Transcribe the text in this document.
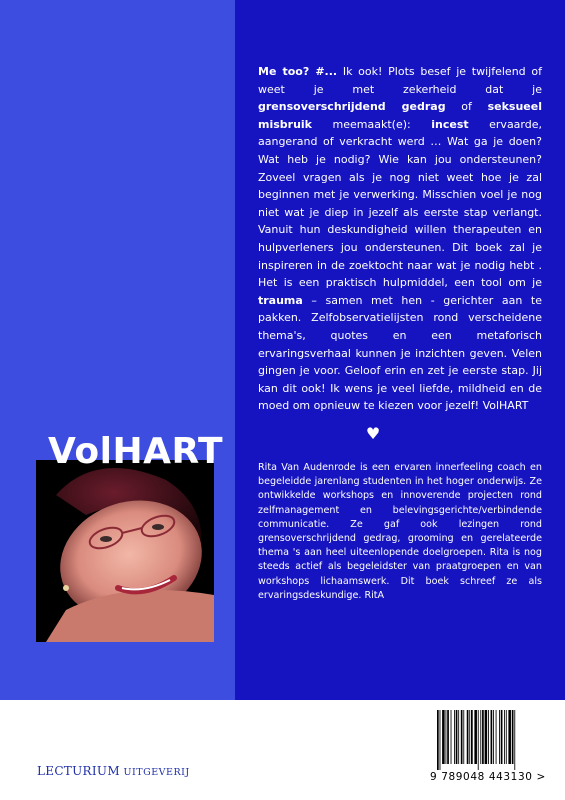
Me too? #... Ik ook! Plots besef je twijfelend of weet je met zekerheid dat je grensoverschrijdend gedrag of seksueel misbruik meemaakt(e): incest ervaarde, aangerand of verkracht werd … Wat ga je doen? Wat heb je nodig? Wie kan jou ondersteunen? Zoveel vragen als je nog niet weet hoe je zal beginnen met je verwerking. Misschien voel je nog niet wat je diep in jezelf als eerste stap verlangt. Vanuit hun deskundigheid willen therapeuten en hulpverleners jou ondersteunen. Dit boek zal je inspireren in de zoektocht naar wat je nodig hebt . Het is een praktisch hulpmiddel, een tool om je trauma – samen met hen - gerichter aan te pakken. Zelfobservatielijsten rond verscheidene thema's, quotes en een metaforisch ervaringsverhaal kunnen je inzichten geven. Velen gingen je voor. Geloof erin en zet je eerste stap. Jij kan dit ook! Ik wens je veel liefde, mildheid en de moed om opnieuw te kiezen voor jezelf! VolHART
♥
Rita Van Audenrode is een ervaren innerfeeling coach en begeleidde jarenlang studenten in het hoger onderwijs. Ze ontwikkelde workshops en innoverende projecten rond zelfmanagement en belevingsgerichte/verbindende communicatie. Ze gaf ook lezingen rond grensoverschrijdend gedrag, grooming en gerelateerde thema 's aan heel uiteenlopende doelgroepen. Rita is nog steeds actief als begeleidster van praatgroepen en van workshops lichaamswerk. Dit boek schreef ze als ervaringsdeskundige. RitA
VolHART
LECTURIUM UITGEVERIJ	9 789048 443130 >
